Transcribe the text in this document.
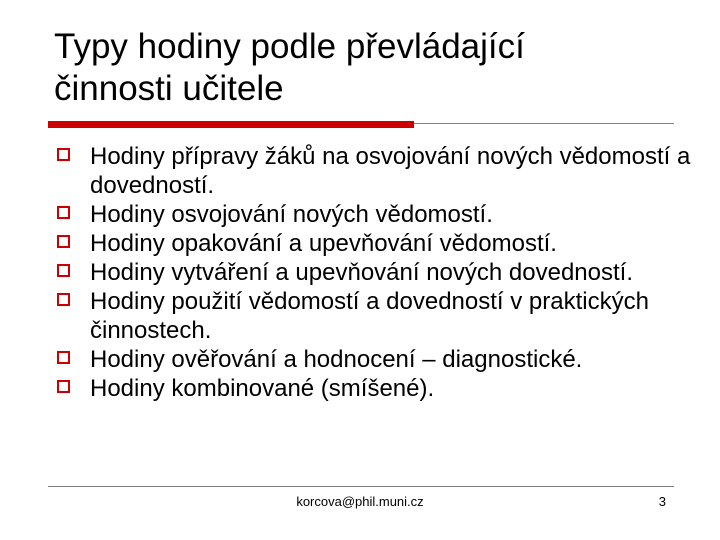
Typy hodiny podle převládající
činnosti učitele
Hodiny přípravy žáků na osvojování nových vědomostí a dovedností.
Hodiny osvojování nových vědomostí.
Hodiny opakování a upevňování vědomostí.
Hodiny vytváření a upevňování nových dovedností.
Hodiny použití vědomostí a dovedností v praktických činnostech.
Hodiny ověřování a hodnocení – diagnostické.
Hodiny kombinované (smíšené).
korcova@phil.muni.cz	3
